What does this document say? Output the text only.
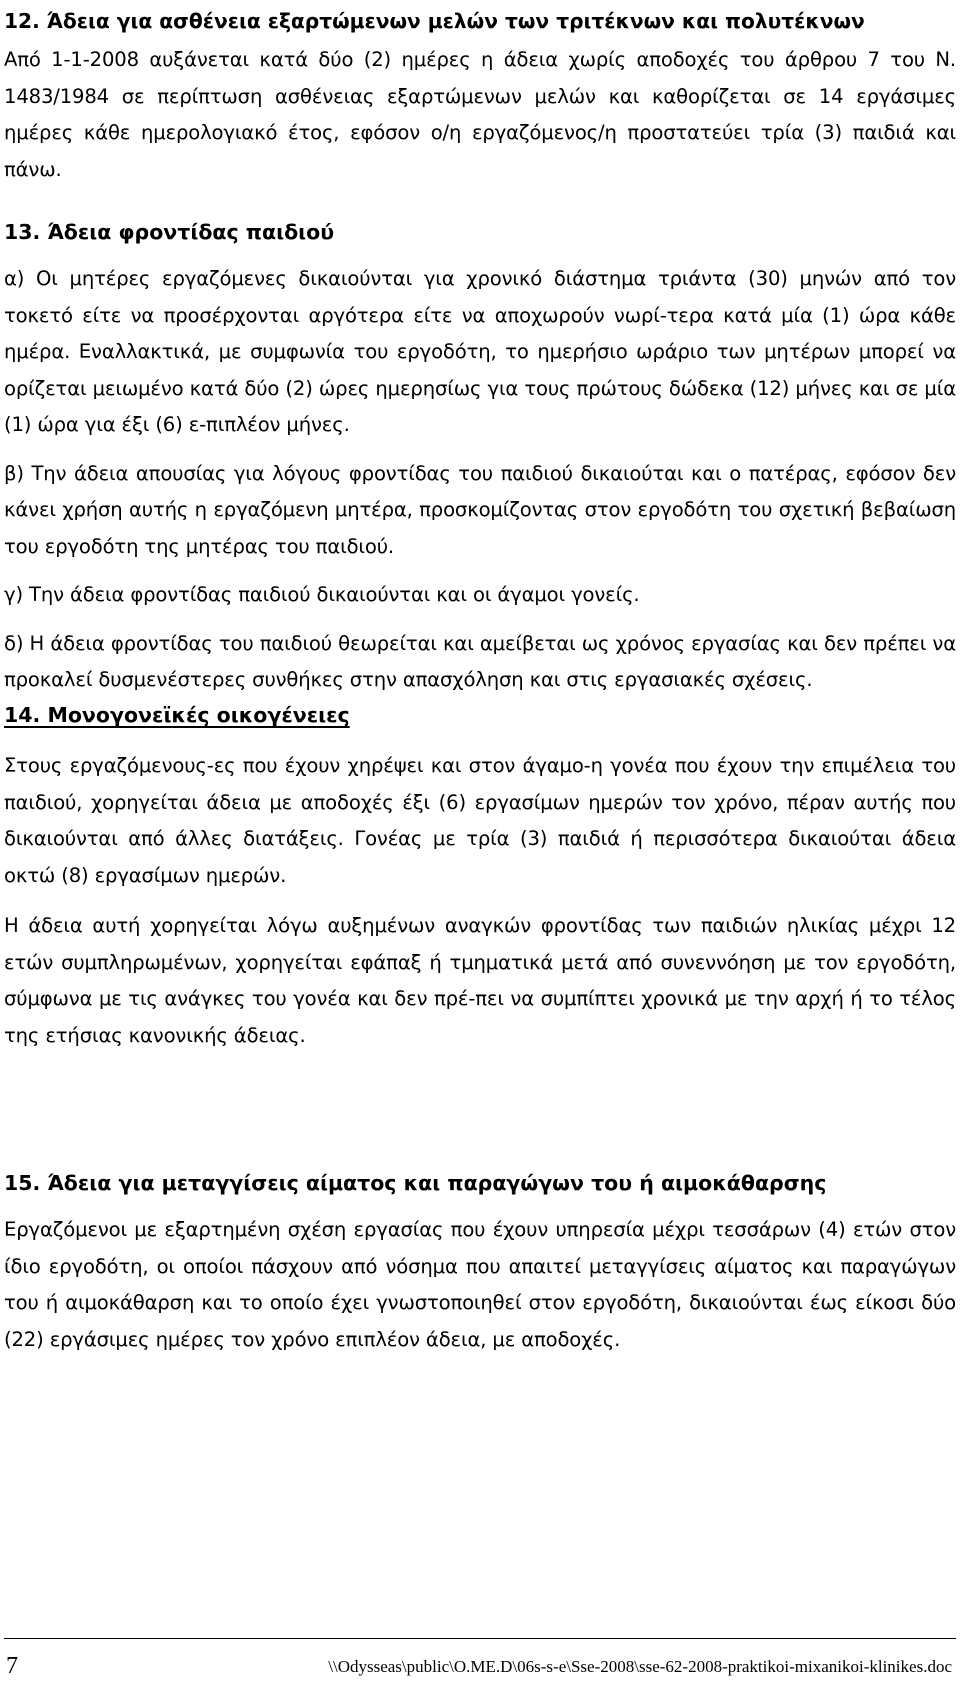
12. Άδεια για ασθένεια εξαρτώμενων μελών των τριτέκνων και πολυτέκνων

Από 1-1-2008 αυξάνεται κατά δύο (2) ημέρες η άδεια χωρίς αποδοχές του άρθρου 7 του Ν. 1483/1984 σε περίπτωση ασθένειας εξαρτώμενων μελών και καθορίζεται σε 14 εργάσιμες ημέρες κάθε ημερολογιακό έτος, εφόσον ο/η εργαζόμενος/η προστατεύει τρία (3) παιδιά και πάνω.

13. Άδεια φροντίδας παιδιού

α) Οι μητέρες εργαζόμενες δικαιούνται για χρονικό διάστημα τριάντα (30) μηνών από τον τοκετό είτε να προσέρχονται αργότερα είτε να αποχωρούν νωρί-τερα κατά μία (1) ώρα κάθε ημέρα. Εναλλακτικά, με συμφωνία του εργοδότη, το ημερήσιο ωράριο των μητέρων μπορεί να ορίζεται μειωμένο κατά δύο (2) ώρες ημερησίως για τους πρώτους δώδεκα (12) μήνες και σε μία (1) ώρα για έξι (6) ε-πιπλέον μήνες.

β) Την άδεια απουσίας για λόγους φροντίδας του παιδιού δικαιούται και ο πατέρας, εφόσον δεν κάνει χρήση αυτής η εργαζόμενη μητέρα, προσκομίζοντας στον εργοδότη του σχετική βεβαίωση του εργοδότη της μητέρας του παιδιού.

γ) Την άδεια φροντίδας παιδιού δικαιούνται και οι άγαμοι γονείς.

δ) Η άδεια φροντίδας του παιδιού θεωρείται και αμείβεται ως χρόνος εργασίας και δεν πρέπει να προκαλεί δυσμενέστερες συνθήκες στην απασχόληση και στις εργασιακές σχέσεις.

14. Μονογονεϊκές οικογένειες

Στους εργαζόμενους-ες που έχουν χηρέψει και στον άγαμο-η γονέα που έχουν την επιμέλεια του παιδιού, χορηγείται άδεια με αποδοχές έξι (6) εργασίμων ημερών τον χρόνο, πέραν αυτής που δικαιούνται από άλλες διατάξεις. Γονέας με τρία (3) παιδιά ή περισσότερα δικαιούται άδεια οκτώ (8) εργασίμων ημερών.

Η άδεια αυτή χορηγείται λόγω αυξημένων αναγκών φροντίδας των παιδιών ηλικίας μέχρι 12 ετών συμπληρωμένων, χορηγείται εφάπαξ ή τμηματικά μετά από συνεννόηση με τον εργοδότη, σύμφωνα με τις ανάγκες του γονέα και δεν πρέ-πει να συμπίπτει χρονικά με την αρχή ή το τέλος της ετήσιας κανονικής άδειας.

15. Άδεια για μεταγγίσεις αίματος και παραγώγων του ή αιμοκάθαρσης

Εργαζόμενοι με εξαρτημένη σχέση εργασίας που έχουν υπηρεσία μέχρι τεσσάρων (4) ετών στον ίδιο εργοδότη, οι οποίοι πάσχουν από νόσημα που απαιτεί μεταγγίσεις αίματος και παραγώγων του ή αιμοκάθαρση και το οποίο έχει γνωστοποιηθεί στον εργοδότη, δικαιούνται έως είκοσι δύο (22) εργάσιμες ημέρες τον χρόνο επιπλέον άδεια, με αποδοχές.

7	\\Odysseas\public\O.ME.D\06s-s-e\Sse-2008\sse-62-2008-praktikoi-mixanikoi-klinikes.doc
